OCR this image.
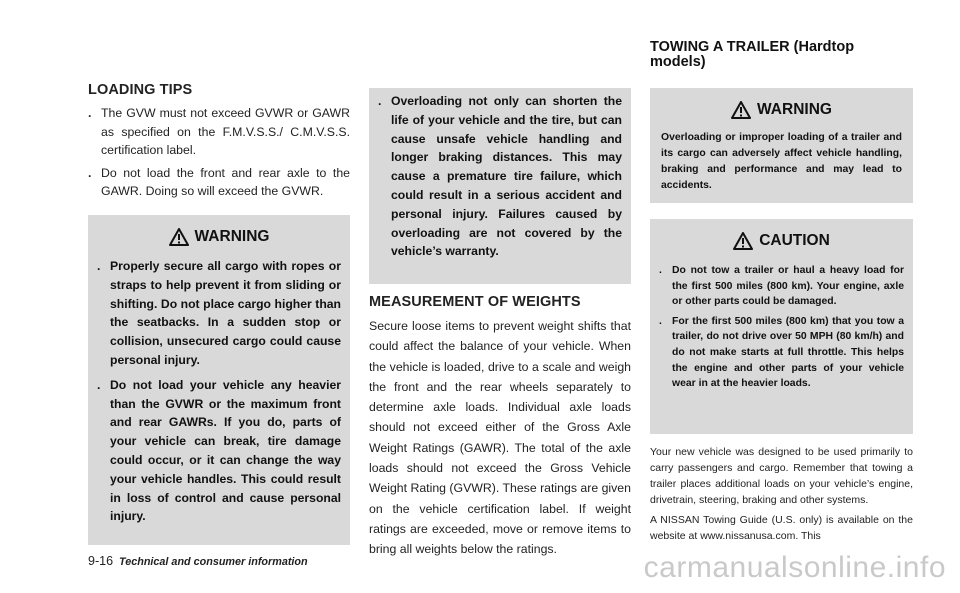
TOWING A TRAILER (Hardtop models)
LOADING TIPS
. The GVW must not exceed GVWR or GAWR as specified on the F.M.V.S.S./ C.M.V.S.S. certification label.
. Do not load the front and rear axle to the GAWR. Doing so will exceed the GVWR.
WARNING
. Properly secure all cargo with ropes or straps to help prevent it from sliding or shifting. Do not place cargo higher than the seatbacks. In a sudden stop or collision, unsecured cargo could cause personal injury.
. Do not load your vehicle any heavier than the GVWR or the maximum front and rear GAWRs. If you do, parts of your vehicle can break, tire damage could occur, or it can change the way your vehicle handles. This could result in loss of control and cause personal injury.
. Overloading not only can shorten the life of your vehicle and the tire, but can cause unsafe vehicle handling and longer braking distances. This may cause a premature tire failure, which could result in a serious accident and personal injury. Failures caused by overloading are not covered by the vehicle’s warranty.
MEASUREMENT OF WEIGHTS

Secure loose items to prevent weight shifts that could affect the balance of your vehicle. When the vehicle is loaded, drive to a scale and weigh the front and the rear wheels separately to determine axle loads. Individual axle loads should not exceed either of the Gross Axle Weight Ratings (GAWR). The total of the axle loads should not exceed the Gross Vehicle Weight Rating (GVWR). These ratings are given on the vehicle certification label. If weight ratings are exceeded, move or remove items to bring all weights below the ratings.

WARNING

Overloading or improper loading of a trailer and its cargo can adversely affect vehicle handling, braking and performance and may lead to accidents.

CAUTION
. Do not tow a trailer or haul a heavy load for the first 500 miles (800 km). Your engine, axle or other parts could be damaged.
. For the first 500 miles (800 km) that you tow a trailer, do not drive over 50 MPH (80 km/h) and do not make starts at full throttle. This helps the engine and other parts of your vehicle wear in at the heavier loads.

Your new vehicle was designed to be used primarily to carry passengers and cargo. Remember that towing a trailer places additional loads on your vehicle’s engine, drivetrain, steering, braking and other systems.

A NISSAN Towing Guide (U.S. only) is available on the website at www.nissanusa.com. This

9-16 Technical and consumer information	carmanualsonline.info
